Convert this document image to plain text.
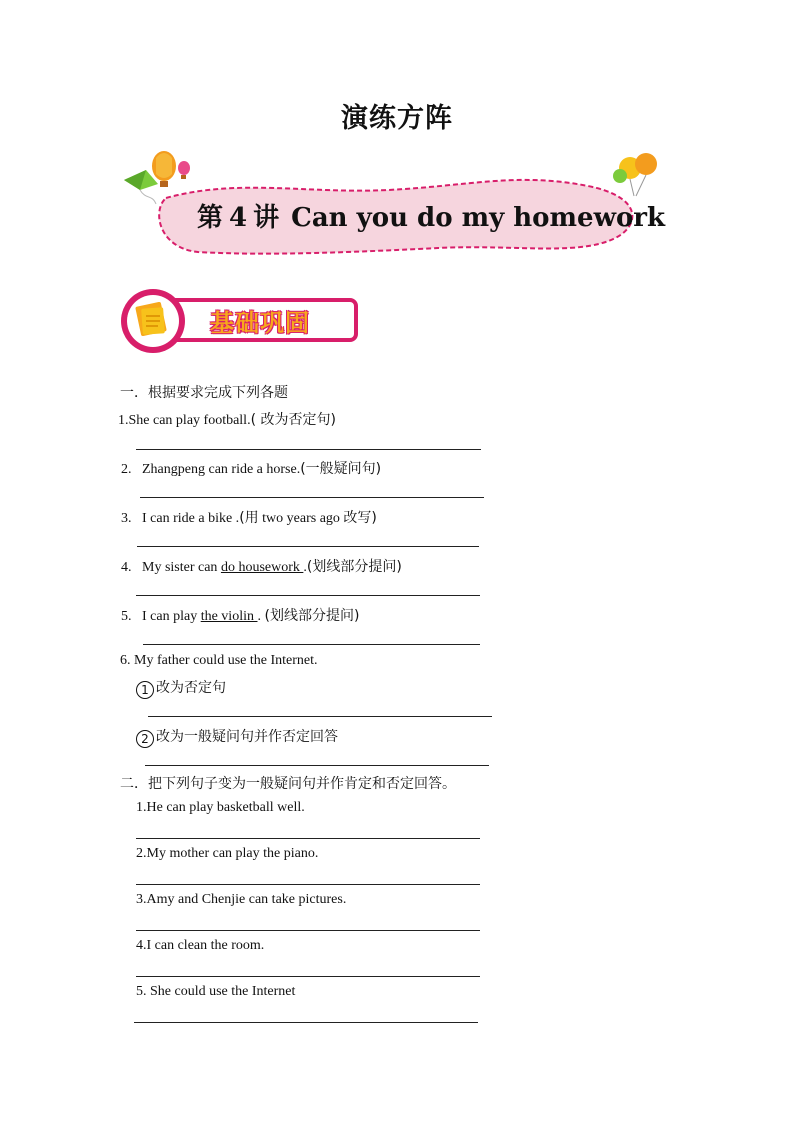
演练方阵
第 4 讲 Can you do my homework
基础巩固
一．根据要求完成下列各题
1.She can play football.( 改为否定句)
2. Zhangpeng can ride a horse.(一般疑问句)
3. I can ride a bike .(用 two years ago 改写)
4. My sister can do housework .(划线部分提问)
5. I can play the violin . (划线部分提问)
6. My father could use the Internet.
1 改为否定句
2 改为一般疑问句并作否定回答
二．把下列句子变为一般疑问句并作肯定和否定回答。
1.He can play basketball well.
2.My mother can play the piano.
3.Amy and Chenjie can take pictures.
4.I can clean the room.
5. She could use the Internet
